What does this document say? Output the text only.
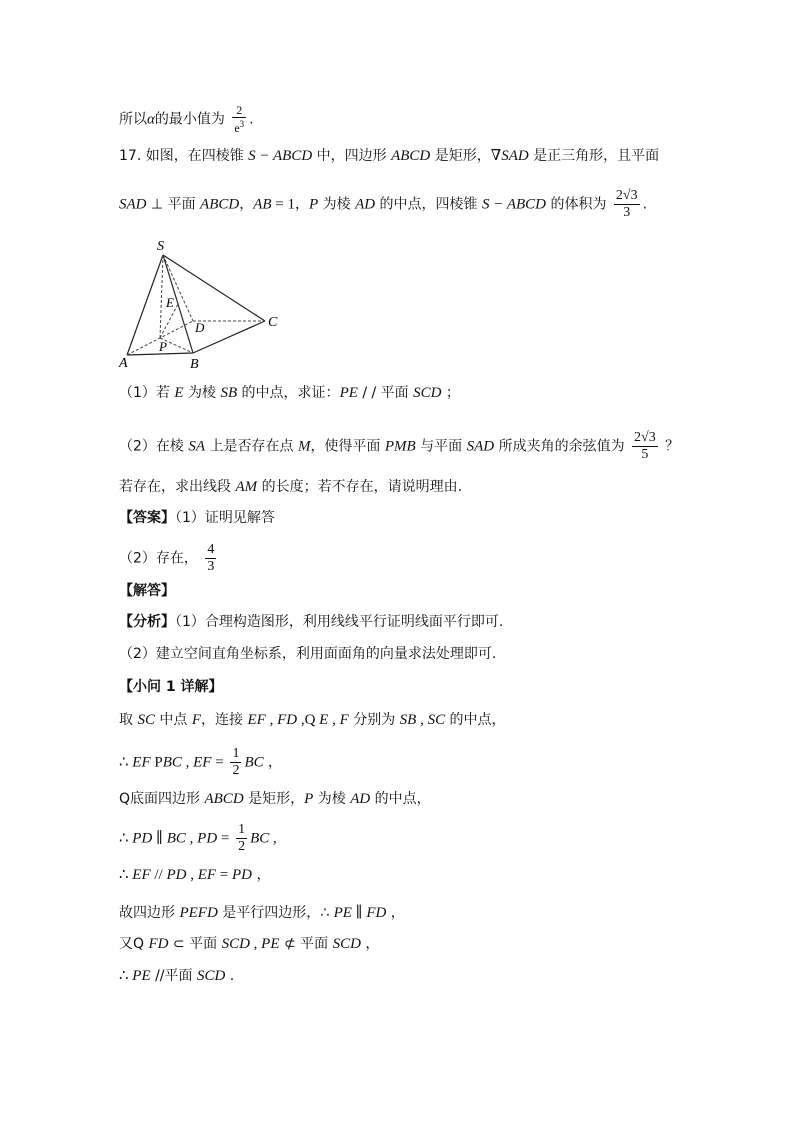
所以α的最小值为 $\frac{2}{e^3}$ .
17. 如图，在四棱锥 S − ABCD 中，四边形 ABCD 是矩形，∇SAD 是正三角形，且平面
SAD ⊥ 平面 ABCD，AB = 1，P 为棱 AD 的中点，四棱锥 S − ABCD 的体积为 $\frac{2√3}{3}$ .
S
E
D	C
P
A	B
（1）若 E 为棱 SB 的中点，求证：PE / / 平面 SCD ；
（2）在棱 SA 上是否存在点 M，使得平面 PMB 与平面 SAD 所成夹角的余弦值为 $\frac{2√3}{5}$ ？
若存在，求出线段 AM 的长度；若不存在，请说明理由.
【答案】（1）证明见解答
（2）存在， $\frac{4}{3}$
【解答】
【分析】（1）合理构造图形，利用线线平行证明线面平行即可.
（2）建立空间直角坐标系，利用面面角的向量求法处理即可.
【小问 1 详解】
取 SC 中点 F，连接 EF , FD ,Q E , F 分别为 SB , SC 的中点，
∴ EF PBC , EF = $\frac{1}{2}$ BC ，
Q底面四边形 ABCD 是矩形，P 为棱 AD 的中点，
∴ PD ∥ BC , PD = $\frac{1}{2}$ BC ,
∴ EF // PD , EF = PD ，
故四边形 PEFD 是平行四边形，∴ PE ∥ FD ，
又Q FD ⊂ 平面 SCD , PE ⊄ 平面 SCD ，
∴ PE //平面 SCD .
